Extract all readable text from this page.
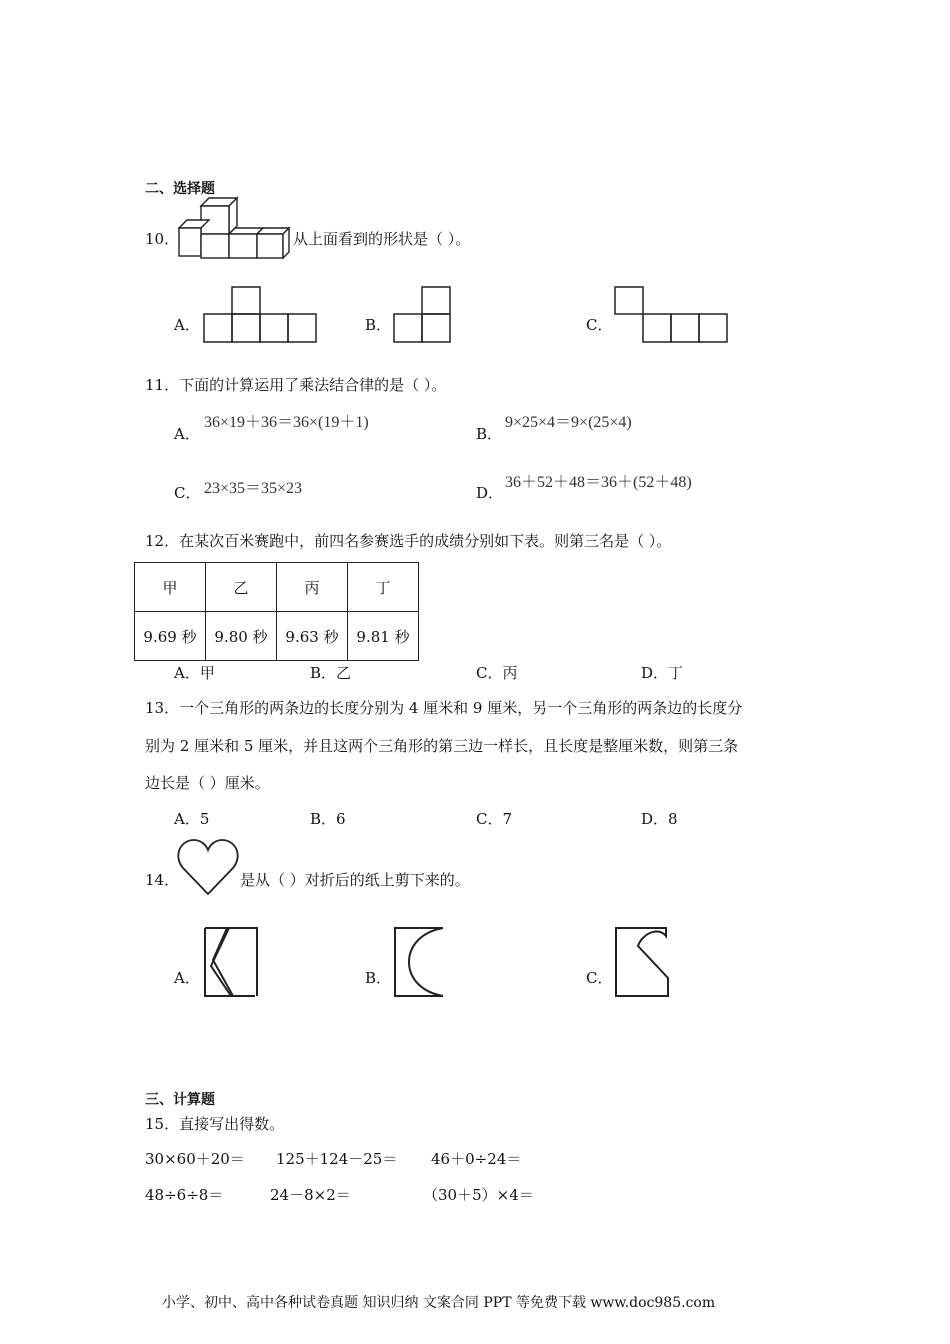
二、选择题
10．	从上面看到的形状是（ ）。
A．	B．	C．
11．下面的计算运用了乘法结合律的是（ ）。
A．
36×19＋36＝36×(19＋1)
B．
9×25×4＝9×(25×4)
C． 23×35＝35×23	D．
36＋52＋48＝36＋(52＋48)
12．在某次百米赛跑中，前四名参赛选手的成绩分别如下表。则第三名是（ ）。
甲	乙	丙	丁
9.69 秒	9.80 秒	9.63 秒	9.81 秒
A．甲	B．乙	C．丙	D．丁
13．一个三角形的两条边的长度分别为 4 厘米和 9 厘米，另一个三角形的两条边的长度分
别为 2 厘米和 5 厘米，并且这两个三角形的第三边一样长，且长度是整厘米数，则第三条
边长是（ ）厘米。
A．5	B．6	C．7	D．8
14．	是从（ ）对折后的纸上剪下来的。
A．	B．	C．
三、计算题
15．直接写出得数。
30×60＋20＝ 125＋124－25＝ 46＋0÷24＝
48÷6÷8＝	24－8×2＝	（30＋5）×4＝
小学、初中、高中各种试卷真题 知识归纳 文案合同 PPT 等免费下载 www.doc985.com
